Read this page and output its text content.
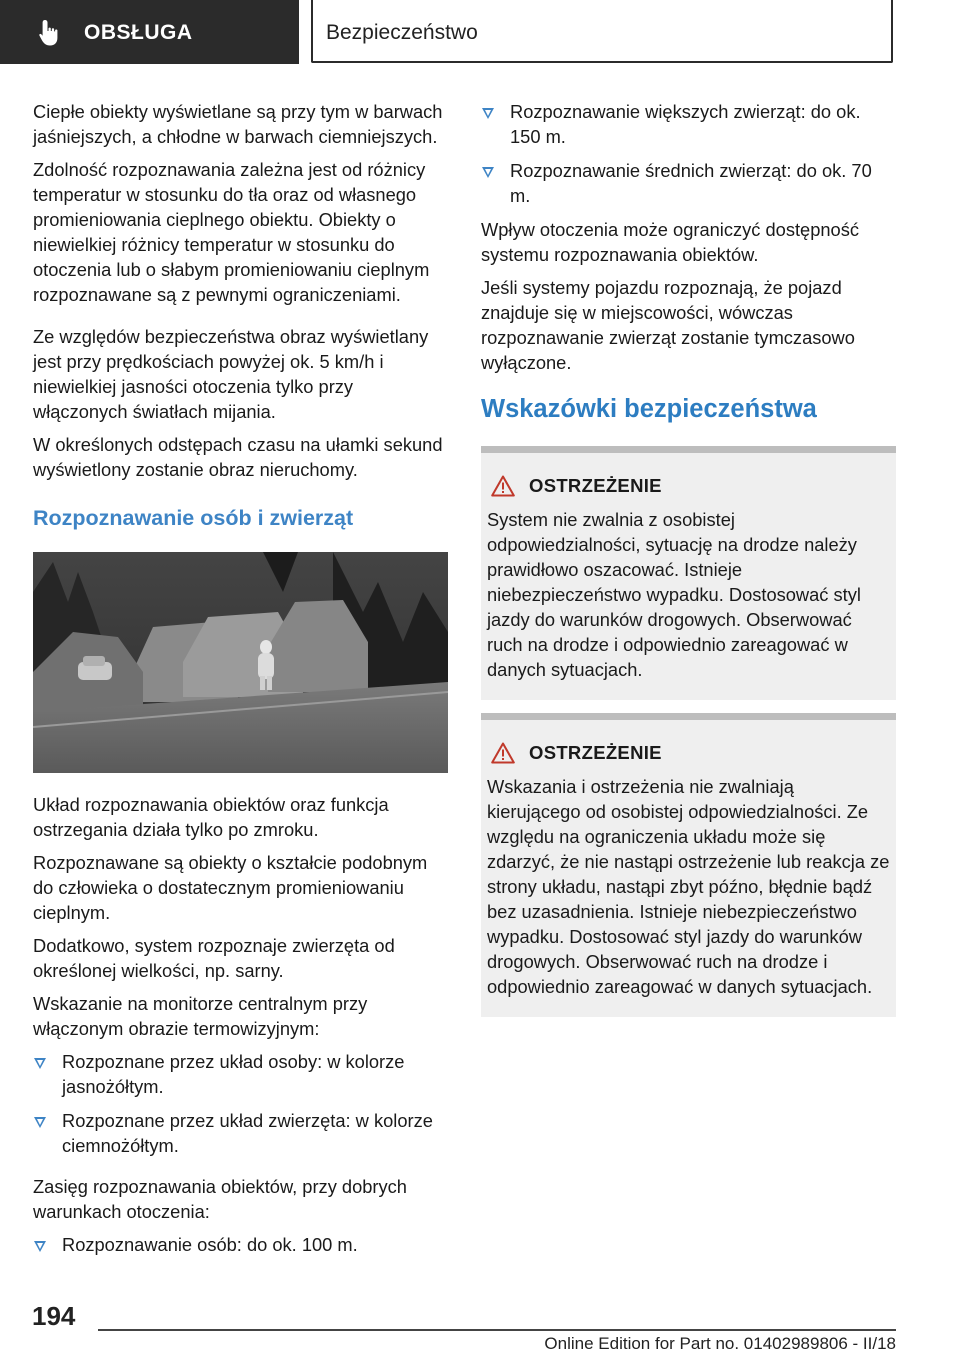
OBSŁUGA	Bezpieczeństwo

Ciepłe obiekty wyświetlane są przy tym w barwach jaśniejszych, a chłodne w barwach ciemniejszych.

Zdolność rozpoznawania zależna jest od różnicy temperatur w stosunku do tła oraz od własnego promieniowania cieplnego obiektu. Obiekty o niewielkiej różnicy temperatur w stosunku do otoczenia lub o słabym promieniowaniu cieplnym rozpoznawane są z pewnymi ograniczeniami.

Ze względów bezpieczeństwa obraz wyświetlany jest przy prędkościach powyżej ok. 5 km/h i niewielkiej jasności otoczenia tylko przy włączonych światłach mijania.

W określonych odstępach czasu na ułamki sekund wyświetlony zostanie obraz nieruchomy.

Rozpoznawanie osób i zwierząt

Układ rozpoznawania obiektów oraz funkcja ostrzegania działa tylko po zmroku.

Rozpoznawane są obiekty o kształcie podobnym do człowieka o dostatecznym promieniowaniu cieplnym.

Dodatkowo, system rozpoznaje zwierzęta od określonej wielkości, np. sarny.

Wskazanie na monitorze centralnym przy włączonym obrazie termowizyjnym:

Rozpoznane przez układ osoby: w kolorze jasnożółtym.
Rozpoznane przez układ zwierzęta: w kolorze ciemnożółtym.

Zasięg rozpoznawania obiektów, przy dobrych warunkach otoczenia:

Rozpoznawanie osób: do ok. 100 m.
Rozpoznawanie większych zwierząt: do ok. 150 m.
Rozpoznawanie średnich zwierząt: do ok. 70 m.

Wpływ otoczenia może ograniczyć dostępność systemu rozpoznawania obiektów.

Jeśli systemy pojazdu rozpoznają, że pojazd znajduje się w miejscowości, wówczas rozpoznawanie zwierząt zostanie tymczasowo wyłączone.

Wskazówki bezpieczeństwa
OSTRZEŻENIE

System nie zwalnia z osobistej odpowiedzialności, sytuację na drodze należy prawidłowo oszacować. Istnieje niebezpieczeństwo wypadku. Dostosować styl jazdy do warunków drogowych. Obserwować ruch na drodze i odpowiednio zareagować w danych sytuacjach.

OSTRZEŻENIE

Wskazania i ostrzeżenia nie zwalniają kierującego od osobistej odpowiedzialności. Ze względu na ograniczenia układu może się zdarzyć, że nie nastąpi ostrzeżenie lub reakcja ze strony układu, nastąpi zbyt późno, błędnie bądź bez uzasadnienia. Istnieje niebezpieczeństwo wypadku. Dostosować styl jazdy do warunków drogowych. Obserwować ruch na drodze i odpowiednio zareagować w danych sytuacjach.

194
Online Edition for Part no. 01402989806 - II/18
